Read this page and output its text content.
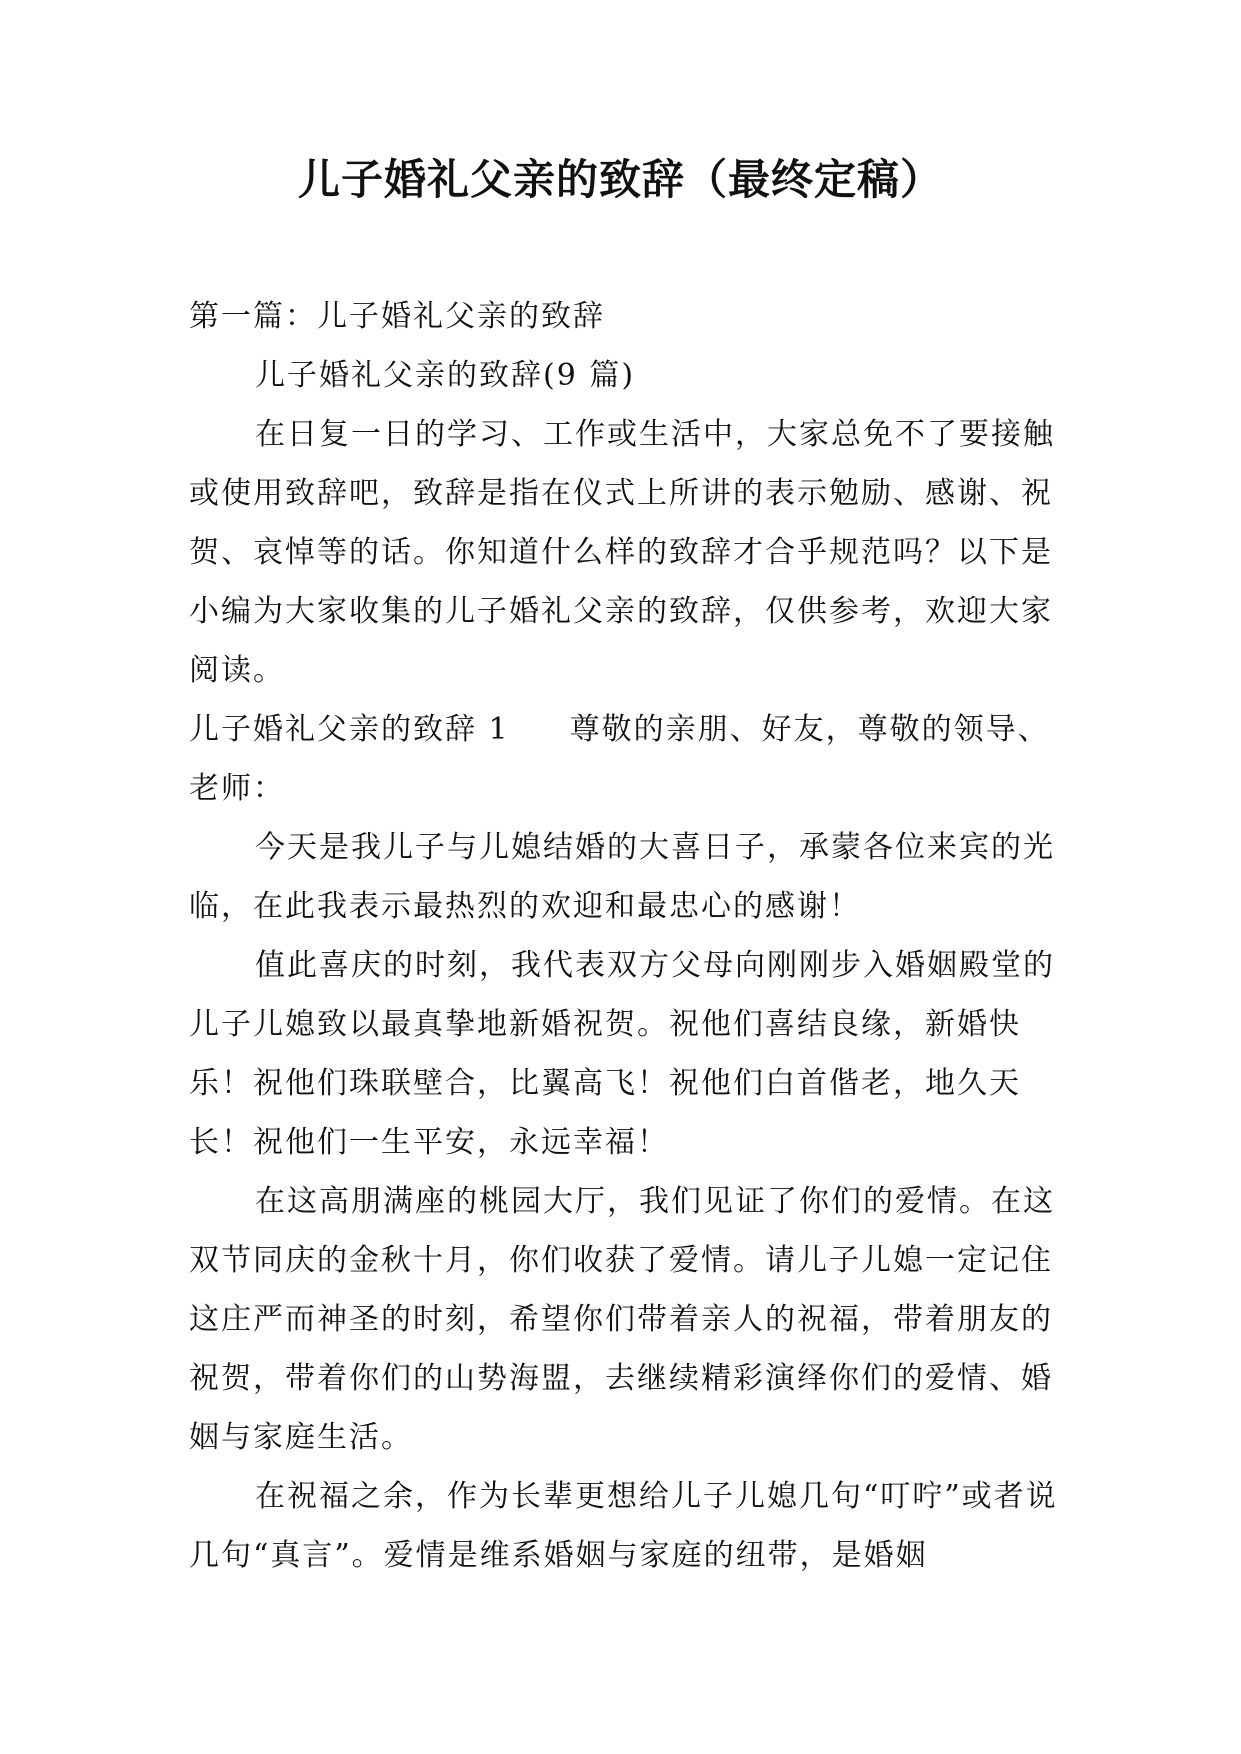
儿子婚礼父亲的致辞（最终定稿）

第一篇：儿子婚礼父亲的致辞

儿子婚礼父亲的致辞(9 篇)

在日复一日的学习、工作或生活中，大家总免不了要接触或使用致辞吧，致辞是指在仪式上所讲的表示勉励、感谢、祝贺、哀悼等的话。你知道什么样的致辞才合乎规范吗？以下是小编为大家收集的儿子婚礼父亲的致辞，仅供参考，欢迎大家阅读。

儿子婚礼父亲的致辞 1 尊敬的亲朋、好友，尊敬的领导、

老师：

今天是我儿子与儿媳结婚的大喜日子，承蒙各位来宾的光临，在此我表示最热烈的欢迎和最忠心的感谢！

值此喜庆的时刻，我代表双方父母向刚刚步入婚姻殿堂的儿子儿媳致以最真挚地新婚祝贺。祝他们喜结良缘，新婚快乐！祝他们珠联壁合，比翼高飞！祝他们白首偕老，地久天长！祝他们一生平安，永远幸福！

在这高朋满座的桃园大厅，我们见证了你们的爱情。在这双节同庆的金秋十月，你们收获了爱情。请儿子儿媳一定记住这庄严而神圣的时刻，希望你们带着亲人的祝福，带着朋友的祝贺，带着你们的山势海盟，去继续精彩演绎你们的爱情、婚姻与家庭生活。

在祝福之余，作为长辈更想给儿子儿媳几句“叮咛”或者说几句“真言”。爱情是维系婚姻与家庭的纽带，是婚姻
